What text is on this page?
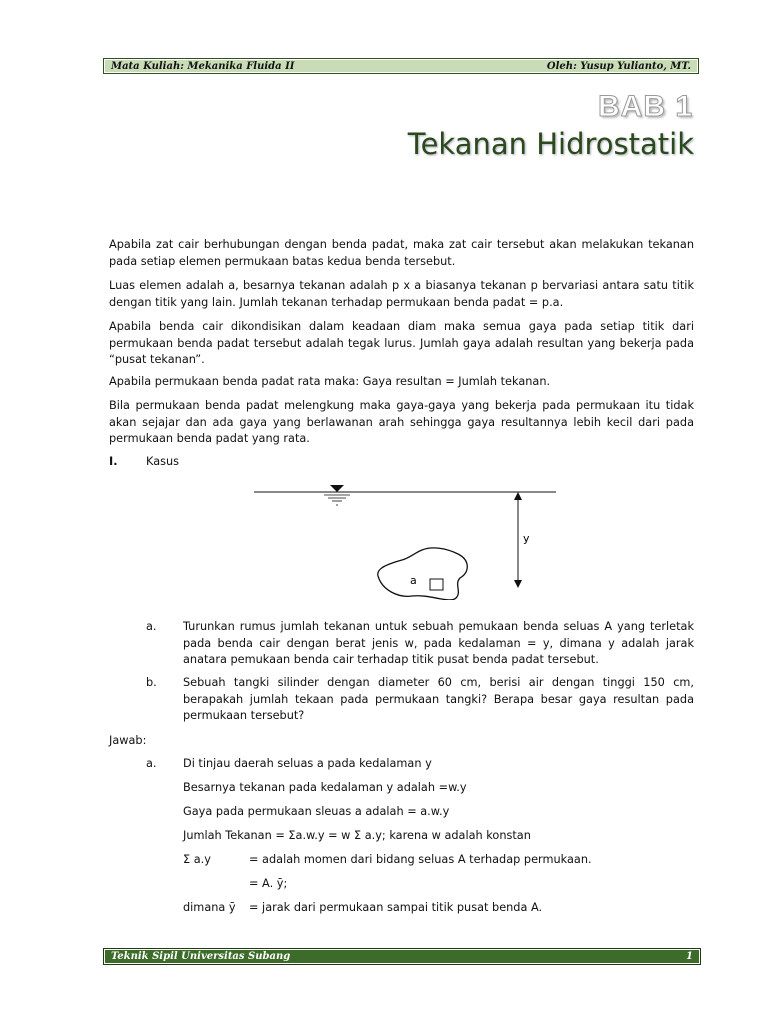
Mata Kuliah: Mekanika Fluida II	Oleh: Yusup Yulianto, MT.
BAB 1
Tekanan Hidrostatik

Apabila zat cair berhubungan dengan benda padat, maka zat cair tersebut akan melakukan tekanan pada setiap elemen permukaan batas kedua benda tersebut.

Luas elemen adalah a, besarnya tekanan adalah p x a biasanya tekanan p bervariasi antara satu titik dengan titik yang lain. Jumlah tekanan terhadap permukaan benda padat = p.a.

Apabila benda cair dikondisikan dalam keadaan diam maka semua gaya pada setiap titik dari permukaan benda padat tersebut adalah tegak lurus. Jumlah gaya adalah resultan yang bekerja pada “pusat tekanan”.

Apabila permukaan benda padat rata maka: Gaya resultan = Jumlah tekanan.

Bila permukaan benda padat melengkung maka gaya-gaya yang bekerja pada permukaan itu tidak akan sejajar dan ada gaya yang berlawanan arah sehingga gaya resultannya lebih kecil dari pada permukaan benda padat yang rata.

I.	Kasus
y
a
a. Turunkan rumus jumlah tekanan untuk sebuah pemukaan benda seluas A yang terletak pada benda cair dengan berat jenis w, pada kedalaman = y, dimana y adalah jarak anatara pemukaan benda cair terhadap titik pusat benda padat tersebut.

b. Sebuah tangki silinder dengan diameter 60 cm, berisi air dengan tinggi 150 cm, berapakah jumlah tekaan pada permukaan tangki? Berapa besar gaya resultan pada permukaan tersebut?

Jawab:
a. Di tinjau daerah seluas a pada kedalaman y
Besarnya tekanan pada kedalaman y adalah =w.y
Gaya pada permukaan sleuas a adalah = a.w.y
Jumlah Tekanan = Σa.w.y = w Σ a.y; karena w adalah konstan
Σ a.y	= adalah momen dari bidang seluas A terhadap permukaan.
= A. ȳ;
dimana ȳ = jarak dari permukaan sampai titik pusat benda A.
Teknik Sipil Universitas Subang	1
